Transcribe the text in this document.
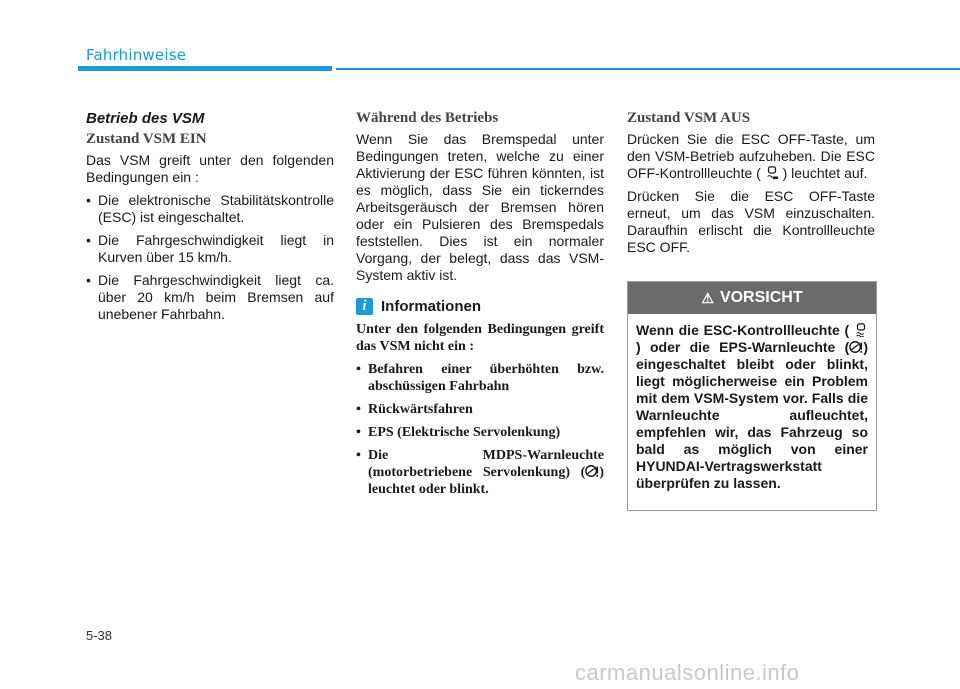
Fahrhinweise
Betrieb des VSM
Zustand VSM EIN
Das VSM greift unter den folgenden Bedingungen ein :
• Die elektronische Stabilitätskontrolle (ESC) ist eingeschaltet.
• Die Fahrgeschwindigkeit liegt in Kurven über 15 km/h.
• Die Fahrgeschwindigkeit liegt ca. über 20 km/h beim Bremsen auf unebener Fahrbahn.
Während des Betriebs
Wenn Sie das Bremspedal unter Bedingungen treten, welche zu einer Aktivierung der ESC führen könnten, ist es möglich, dass Sie ein tickerndes Arbeitsgeräusch der Bremsen hören oder ein Pulsieren des Bremspedals feststellen. Dies ist ein normaler Vorgang, der belegt, dass das VSM-System aktiv ist.
i Informationen
Unter den folgenden Bedingungen greift das VSM nicht ein :
• Befahren einer überhöhten bzw. abschüssigen Fahrbahn
• Rückwärtsfahren
• EPS (Elektrische Servolenkung)
• Die MDPS-Warnleuchte (motorbetriebene Servolenkung) ( ) leuchtet oder blinkt.
Zustand VSM AUS
Drücken Sie die ESC OFF-Taste, um den VSM-Betrieb aufzuheben. Die ESC OFF-Kontrollleuchte ( ) leuchtet auf.
Drücken Sie die ESC OFF-Taste erneut, um das VSM einzuschalten. Daraufhin erlischt die Kontrollleuchte ESC OFF.
⚠ VORSICHT
Wenn die ESC-Kontrollleuchte (  ) oder die EPS-Warnleuchte ( ) eingeschaltet bleibt oder blinkt, liegt möglicherweise ein Problem mit dem VSM-System vor. Falls die Warnleuchte aufleuchtet, empfehlen wir, das Fahrzeug so bald as möglich von einer HYUNDAI-Vertragswerkstatt überprüfen zu lassen.
5-38
carmanualsonline.info
